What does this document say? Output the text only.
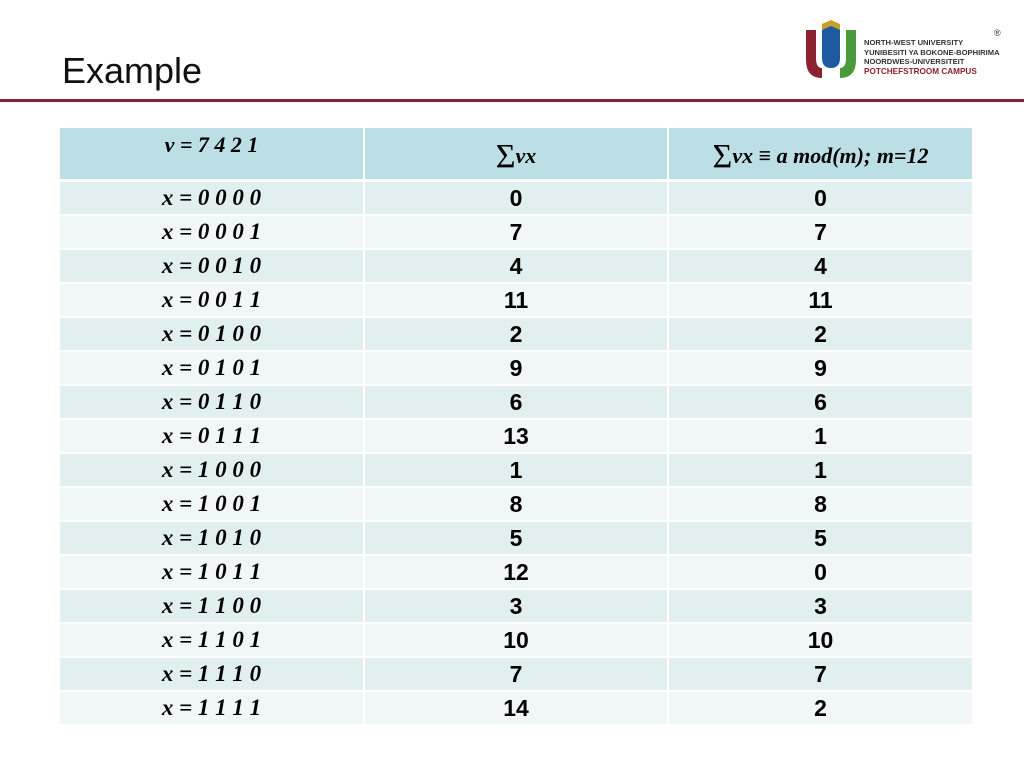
Example
NORTH-WEST UNIVERSITY
YUNIBESITI YA BOKONE-BOPHIRIMA
NOORDWES-UNIVERSITEIT
POTCHEFSTROOM CAMPUS
®
v = 7 4 2 1	Σvx	Σvx ≡ a mod(m); m=12

x = 0 0 0 0	0	0
x = 0 0 0 1	7	7
x = 0 0 1 0	4	4
x = 0 0 1 1	11	11
x = 0 1 0 0	2	2
x = 0 1 0 1	9	9
x = 0 1 1 0	6	6
x = 0 1 1 1	13	1
x = 1 0 0 0	1	1
x = 1 0 0 1	8	8
x = 1 0 1 0	5	5
x = 1 0 1 1	12	0
x = 1 1 0 0	3	3
x = 1 1 0 1	10	10
x = 1 1 1 0	7	7
x = 1 1 1 1	14	2
